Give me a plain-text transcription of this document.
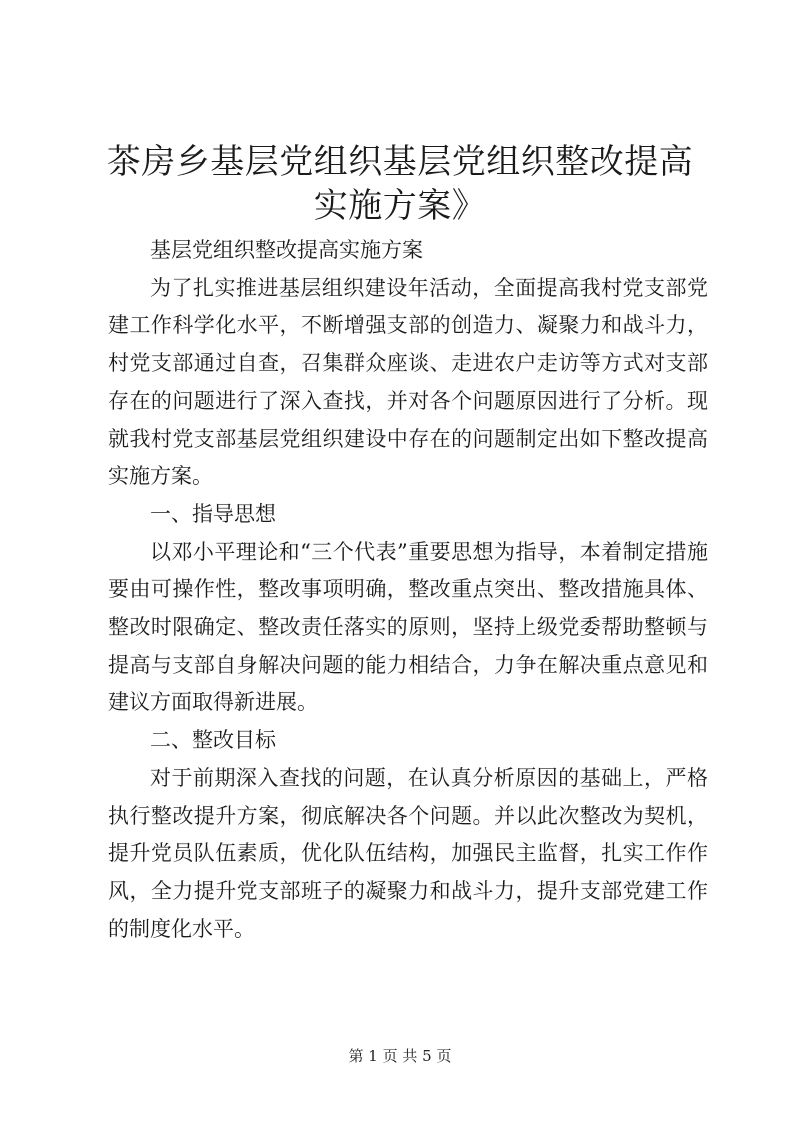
茶房乡基层党组织基层党组织整改提高实施方案》

基层党组织整改提高实施方案

为了扎实推进基层组织建设年活动，全面提高我村党支部党建工作科学化水平，不断增强支部的创造力、凝聚力和战斗力，村党支部通过自查，召集群众座谈、走进农户走访等方式对支部存在的问题进行了深入查找，并对各个问题原因进行了分析。现就我村党支部基层党组织建设中存在的问题制定出如下整改提高实施方案。

一、指导思想

以邓小平理论和“三个代表”重要思想为指导，本着制定措施要由可操作性，整改事项明确，整改重点突出、整改措施具体、整改时限确定、整改责任落实的原则，坚持上级党委帮助整顿与提高与支部自身解决问题的能力相结合，力争在解决重点意见和建议方面取得新进展。

二、整改目标

对于前期深入查找的问题，在认真分析原因的基础上，严格执行整改提升方案，彻底解决各个问题。并以此次整改为契机，提升党员队伍素质，优化队伍结构，加强民主监督，扎实工作作风，全力提升党支部班子的凝聚力和战斗力，提升支部党建工作的制度化水平。

第 1 页 共 5 页
